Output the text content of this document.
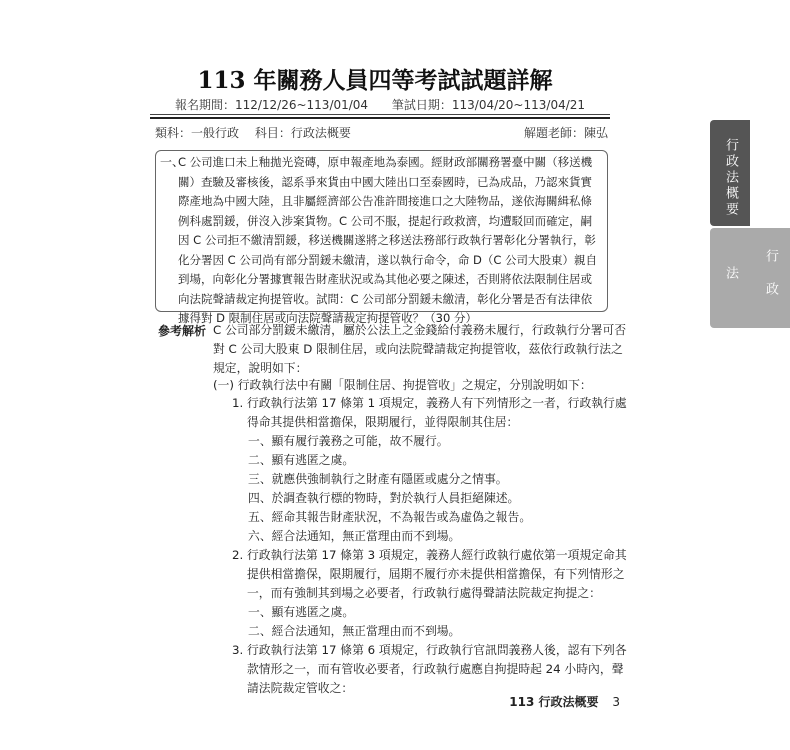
113 年關務人員四等考試試題詳解
報名期間：112/12/26~113/01/04 筆試日期：113/04/20~113/04/21
類科：一般行政 科目：行政法概要	解題老師：陳弘
行政法概要
行政法
一、
C 公司進口未上釉拋光瓷磚，原申報產地為泰國。經財政部關務署臺中關（移送機
關）查驗及審核後，認系爭來貨由中國大陸出口至泰國時，已為成品，乃認來貨實
際產地為中國大陸，且非屬經濟部公告准許間接進口之大陸物品，遂依海關緝私條
例科處罰鍰，併沒入涉案貨物。C 公司不服，提起行政救濟，均遭駁回而確定，嗣
因 C 公司拒不繳清罰鍰，移送機關遂將之移送法務部行政執行署彰化分署執行，彰
化分署因 C 公司尚有部分罰鍰未繳清，遂以執行命令，命 D（C 公司大股東）親自
到場，向彰化分署據實報告財產狀況或為其他必要之陳述，否則將依法限制住居或
向法院聲請裁定拘提管收。試問：C 公司部分罰鍰未繳清，彰化分署是否有法律依
據得對 D 限制住居或向法院聲請裁定拘提管收？（30 分）
參考解析 C 公司部分罰鍰未繳清，屬於公法上之金錢給付義務未履行，行政執行分署可否
對 C 公司大股東 D 限制住居，或向法院聲請裁定拘提管收，茲依行政執行法之
規定，說明如下：
(一) 行政執行法中有關「限制住居、拘提管收」之規定，分別說明如下：
1. 行政執行法第 17 條第 1 項規定，義務人有下列情形之一者，行政執行處
得命其提供相當擔保，限期履行，並得限制其住居：
一、顯有履行義務之可能，故不履行。
二、顯有逃匿之虞。
三、就應供強制執行之財產有隱匿或處分之情事。
四、於調查執行標的物時，對於執行人員拒絕陳述。
五、經命其報告財產狀況，不為報告或為虛偽之報告。
六、經合法通知，無正當理由而不到場。
2. 行政執行法第 17 條第 3 項規定，義務人經行政執行處依第一項規定命其
提供相當擔保，限期履行，屆期不履行亦未提供相當擔保，有下列情形之
一，而有強制其到場之必要者，行政執行處得聲請法院裁定拘提之：
一、顯有逃匿之虞。
二、經合法通知，無正當理由而不到場。
3. 行政執行法第 17 條第 6 項規定，行政執行官訊問義務人後，認有下列各
款情形之一，而有管收必要者，行政執行處應自拘提時起 24 小時內，聲
請法院裁定管收之：
113 行政法概要 3
